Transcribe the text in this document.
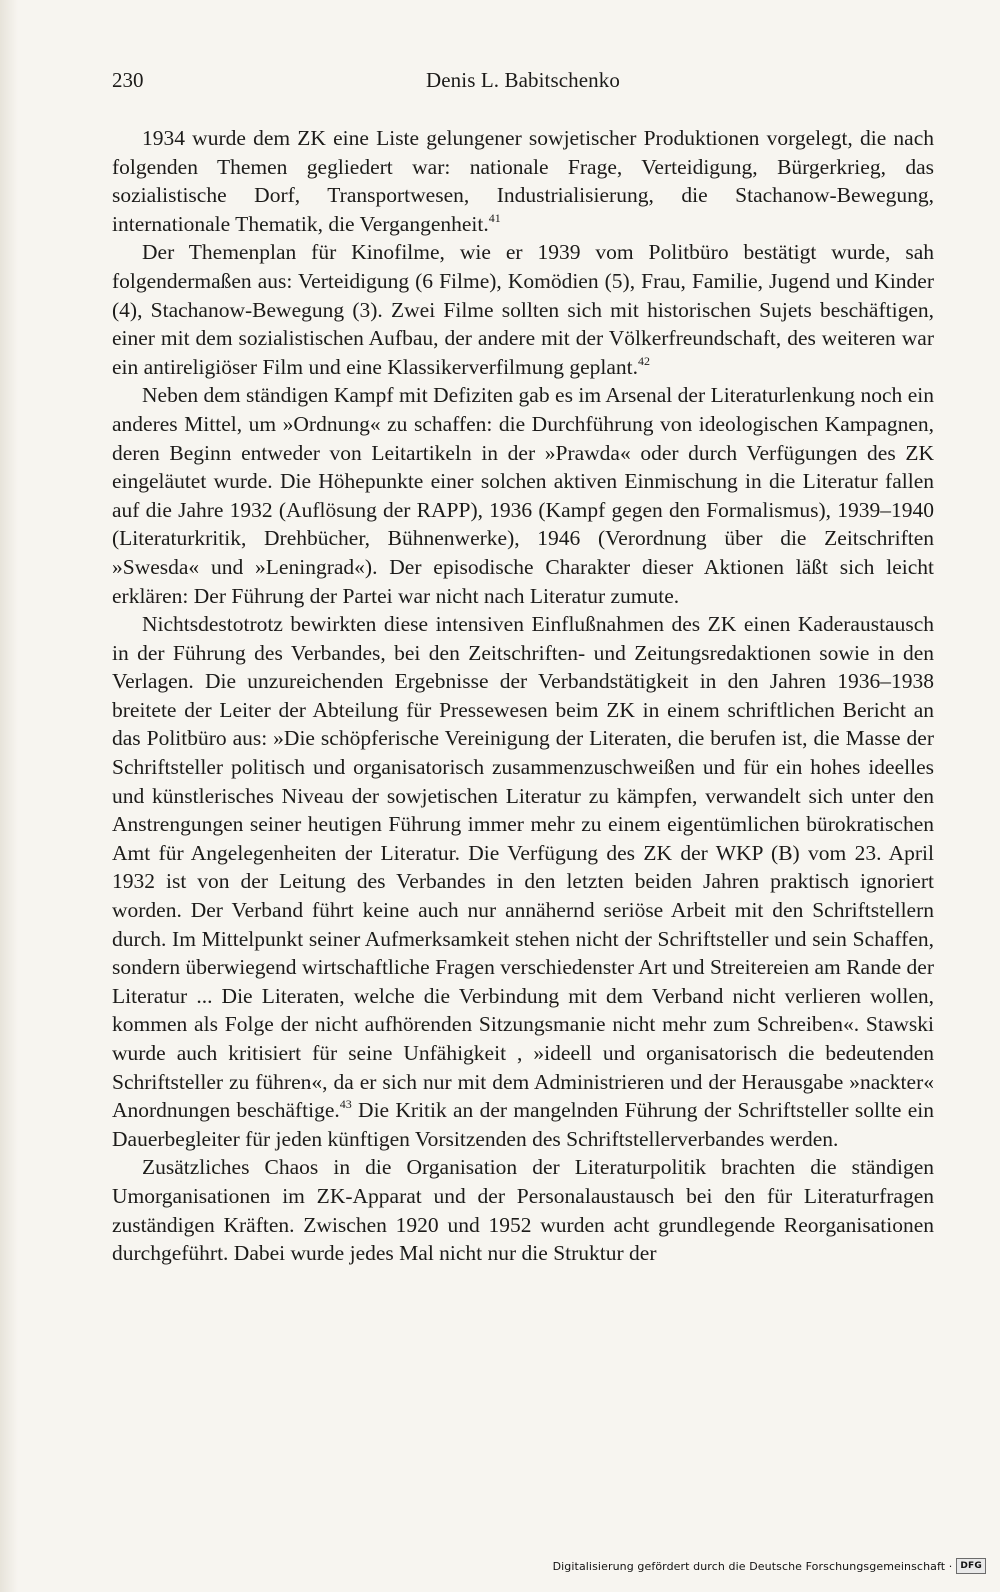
230	Denis L. Babitschenko

1934 wurde dem ZK eine Liste gelungener sowjetischer Produktionen vorgelegt, die nach folgenden Themen gegliedert war: nationale Frage, Verteidigung, Bürgerkrieg, das sozialistische Dorf, Transportwesen, Industrialisierung, die Stachanow-Bewegung, internationale Thematik, die Vergangenheit.$^{41}$

Der Themenplan für Kinofilme, wie er 1939 vom Politbüro bestätigt wurde, sah folgendermaßen aus: Verteidigung (6 Filme), Komödien (5), Frau, Familie, Jugend und Kinder (4), Stachanow-Bewegung (3). Zwei Filme sollten sich mit historischen Sujets beschäftigen, einer mit dem sozialistischen Aufbau, der andere mit der Völkerfreundschaft, des weiteren war ein antireligiöser Film und eine Klassikerverfilmung geplant.$^{42}$

Neben dem ständigen Kampf mit Defiziten gab es im Arsenal der Literaturlenkung noch ein anderes Mittel, um »Ordnung« zu schaffen: die Durchführung von ideologischen Kampagnen, deren Beginn entweder von Leitartikeln in der »Prawda« oder durch Verfügungen des ZK eingeläutet wurde. Die Höhepunkte einer solchen aktiven Einmischung in die Literatur fallen auf die Jahre 1932 (Auflösung der RAPP), 1936 (Kampf gegen den Formalismus), 1939–1940 (Literaturkritik, Drehbücher, Bühnenwerke), 1946 (Verordnung über die Zeitschriften »Swesda« und »Leningrad«). Der episodische Charakter dieser Aktionen läßt sich leicht erklären: Der Führung der Partei war nicht nach Literatur zumute.

Nichtsdestotrotz bewirkten diese intensiven Einflußnahmen des ZK einen Kaderaustausch in der Führung des Verbandes, bei den Zeitschriften- und Zeitungsredaktionen sowie in den Verlagen. Die unzureichenden Ergebnisse der Verbandstätigkeit in den Jahren 1936–1938 breitete der Leiter der Abteilung für Pressewesen beim ZK in einem schriftlichen Bericht an das Politbüro aus: »Die schöpferische Vereinigung der Literaten, die berufen ist, die Masse der Schriftsteller politisch und organisatorisch zusammenzuschweißen und für ein hohes ideelles und künstlerisches Niveau der sowjetischen Literatur zu kämpfen, verwandelt sich unter den Anstrengungen seiner heutigen Führung immer mehr zu einem eigentümlichen bürokratischen Amt für Angelegenheiten der Literatur. Die Verfügung des ZK der WKP (B) vom 23. April 1932 ist von der Leitung des Verbandes in den letzten beiden Jahren praktisch ignoriert worden. Der Verband führt keine auch nur annähernd seriöse Arbeit mit den Schriftstellern durch. Im Mittelpunkt seiner Aufmerksamkeit stehen nicht der Schriftsteller und sein Schaffen, sondern überwiegend wirtschaftliche Fragen verschiedenster Art und Streitereien am Rande der Literatur ... Die Literaten, welche die Verbindung mit dem Verband nicht verlieren wollen, kommen als Folge der nicht aufhörenden Sitzungsmanie nicht mehr zum Schreiben«. Stawski wurde auch kritisiert für seine Unfähigkeit , »ideell und organisatorisch die bedeutenden Schriftsteller zu führen«, da er sich nur mit dem Administrieren und der Herausgabe »nackter« Anordnungen beschäftige.$^{43}$ Die Kritik an der mangelnden Führung der Schriftsteller sollte ein Dauerbegleiter für jeden künftigen Vorsitzenden des Schriftstellerverbandes werden.

Zusätzliches Chaos in die Organisation der Literaturpolitik brachten die ständigen Umorganisationen im ZK-Apparat und der Personalaustausch bei den für Literaturfragen zuständigen Kräften. Zwischen 1920 und 1952 wurden acht grundlegende Reorganisationen durchgeführt. Dabei wurde jedes Mal nicht nur die Struktur der

Digitalisierung gefördert durch die Deutsche Forschungsgemeinschaft · DFG
